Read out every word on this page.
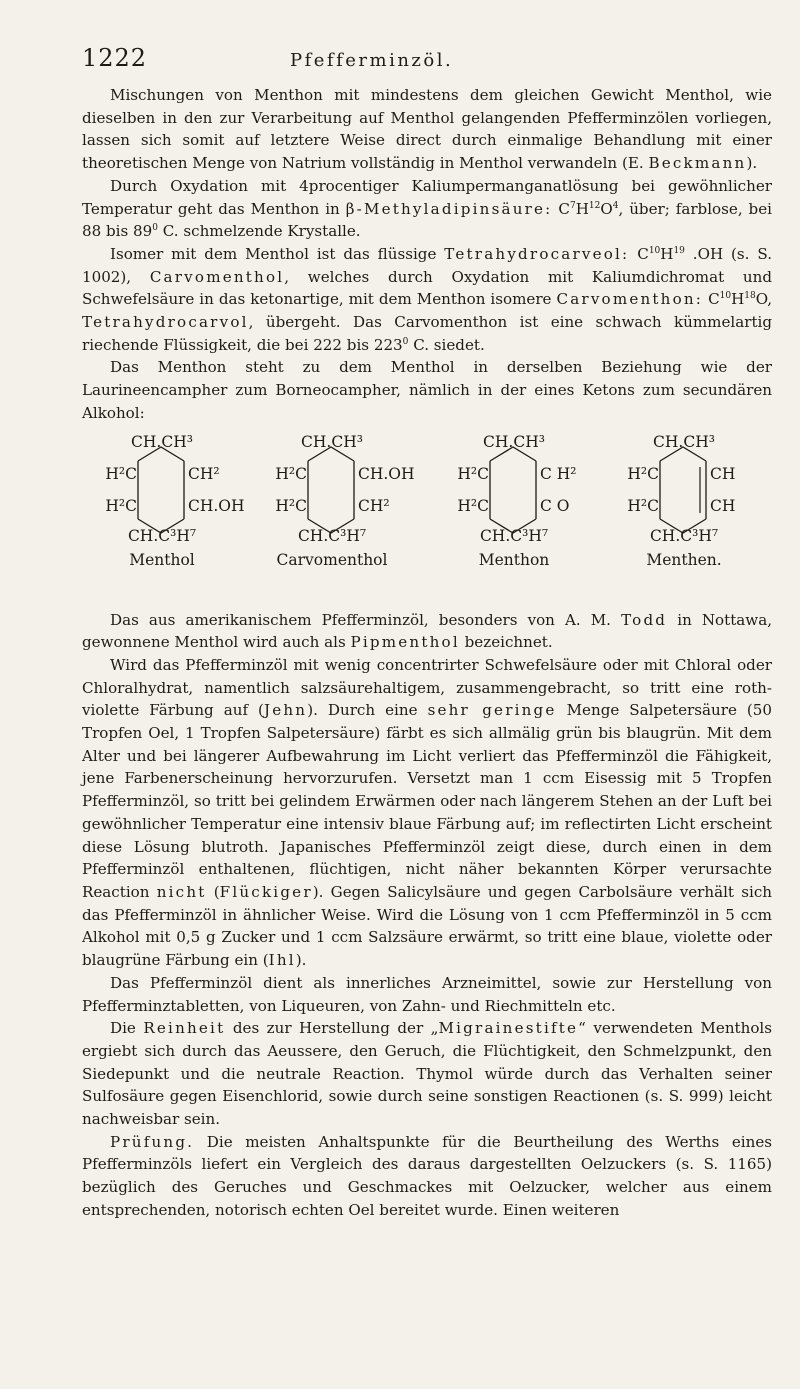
1222	Pfefferminzöl.

Mischungen von Menthon mit mindestens dem gleichen Gewicht Menthol, wie dieselben in den zur Verarbeitung auf Menthol gelangenden Pfefferminzölen vorliegen, lassen sich somit auf letztere Weise direct durch einmalige Behandlung mit einer theoretischen Menge von Natrium vollständig in Menthol verwandeln (E. Beckmann).

Durch Oxydation mit 4procentiger Kaliumpermanganatlösung bei gewöhnlicher Temperatur geht das Menthon in β-Methyladipinsäure: $C^7H^{12}O^4$, über; farblose, bei 88 bis $89^0$ C. schmelzende Krystalle.

Isomer mit dem Menthol ist das flüssige Tetrahydrocarveol: $C^{10}H^{19}$ .OH (s. S. 1002), Carvomenthol, welches durch Oxydation mit Kaliumdichromat und Schwefelsäure in das ketonartige, mit dem Menthon isomere Carvomenthon: $C^{10}H^{18}O$, Tetrahydrocarvol, übergeht. Das Carvomenthon ist eine schwach kümmelartig riechende Flüssigkeit, die bei 222 bis $223^0$ C. siedet.

Das Menthon steht zu dem Menthol in derselben Beziehung wie der Laurineencampher zum Borneocampher, nämlich in der eines Ketons zum secundären Alkohol:

CH.CH³
H²C	CH²
H²C	CH.OH
CH.C³H⁷
Menthol
CH.CH³
H²C	CH.OH
H²C	CH²
CH.C³H⁷
Carvomenthol
CH.CH³
H²C	C H²
H²C	C O
CH.C³H⁷
Menthon
CH.CH³
H²C	CH
H²C	CH
CH.C³H⁷
Menthen.

Das aus amerikanischem Pfefferminzöl, besonders von A. M. Todd in Nottawa, gewonnene Menthol wird auch als Pipmenthol bezeichnet.

Wird das Pfefferminzöl mit wenig concentrirter Schwefelsäure oder mit Chloral oder Chloralhydrat, namentlich salzsäurehaltigem, zusammengebracht, so tritt eine roth-violette Färbung auf (Jehn). Durch eine sehr geringe Menge Salpetersäure (50 Tropfen Oel, 1 Tropfen Salpetersäure) färbt es sich allmälig grün bis blaugrün. Mit dem Alter und bei längerer Aufbewahrung im Licht verliert das Pfefferminzöl die Fähigkeit, jene Farbenerscheinung hervorzurufen. Versetzt man 1 ccm Eisessig mit 5 Tropfen Pfefferminzöl, so tritt bei gelindem Erwärmen oder nach längerem Stehen an der Luft bei gewöhnlicher Temperatur eine intensiv blaue Färbung auf; im reflectirten Licht erscheint diese Lösung blutroth. Japanisches Pfefferminzöl zeigt diese, durch einen in dem Pfefferminzöl enthaltenen, flüchtigen, nicht näher bekannten Körper verursachte Reaction nicht (Flückiger). Gegen Salicylsäure und gegen Carbolsäure verhält sich das Pfefferminzöl in ähnlicher Weise. Wird die Lösung von 1 ccm Pfefferminzöl in 5 ccm Alkohol mit 0,5 g Zucker und 1 ccm Salzsäure erwärmt, so tritt eine blaue, violette oder blaugrüne Färbung ein (Ihl).

Das Pfefferminzöl dient als innerliches Arzneimittel, sowie zur Herstellung von Pfefferminztabletten, von Liqueuren, von Zahn- und Riechmitteln etc.

Die Reinheit des zur Herstellung der „Migrainestifte“ verwendeten Menthols ergiebt sich durch das Aeussere, den Geruch, die Flüchtigkeit, den Schmelzpunkt, den Siedepunkt und die neutrale Reaction. Thymol würde durch das Verhalten seiner Sulfosäure gegen Eisenchlorid, sowie durch seine sonstigen Reactionen (s. S. 999) leicht nachweisbar sein.

Prüfung. Die meisten Anhaltspunkte für die Beurtheilung des Werths eines Pfefferminzöls liefert ein Vergleich des daraus dargestellten Oelzuckers (s. S. 1165) bezüglich des Geruches und Geschmackes mit Oelzucker, welcher aus einem entsprechenden, notorisch echten Oel bereitet wurde. Einen weiteren
